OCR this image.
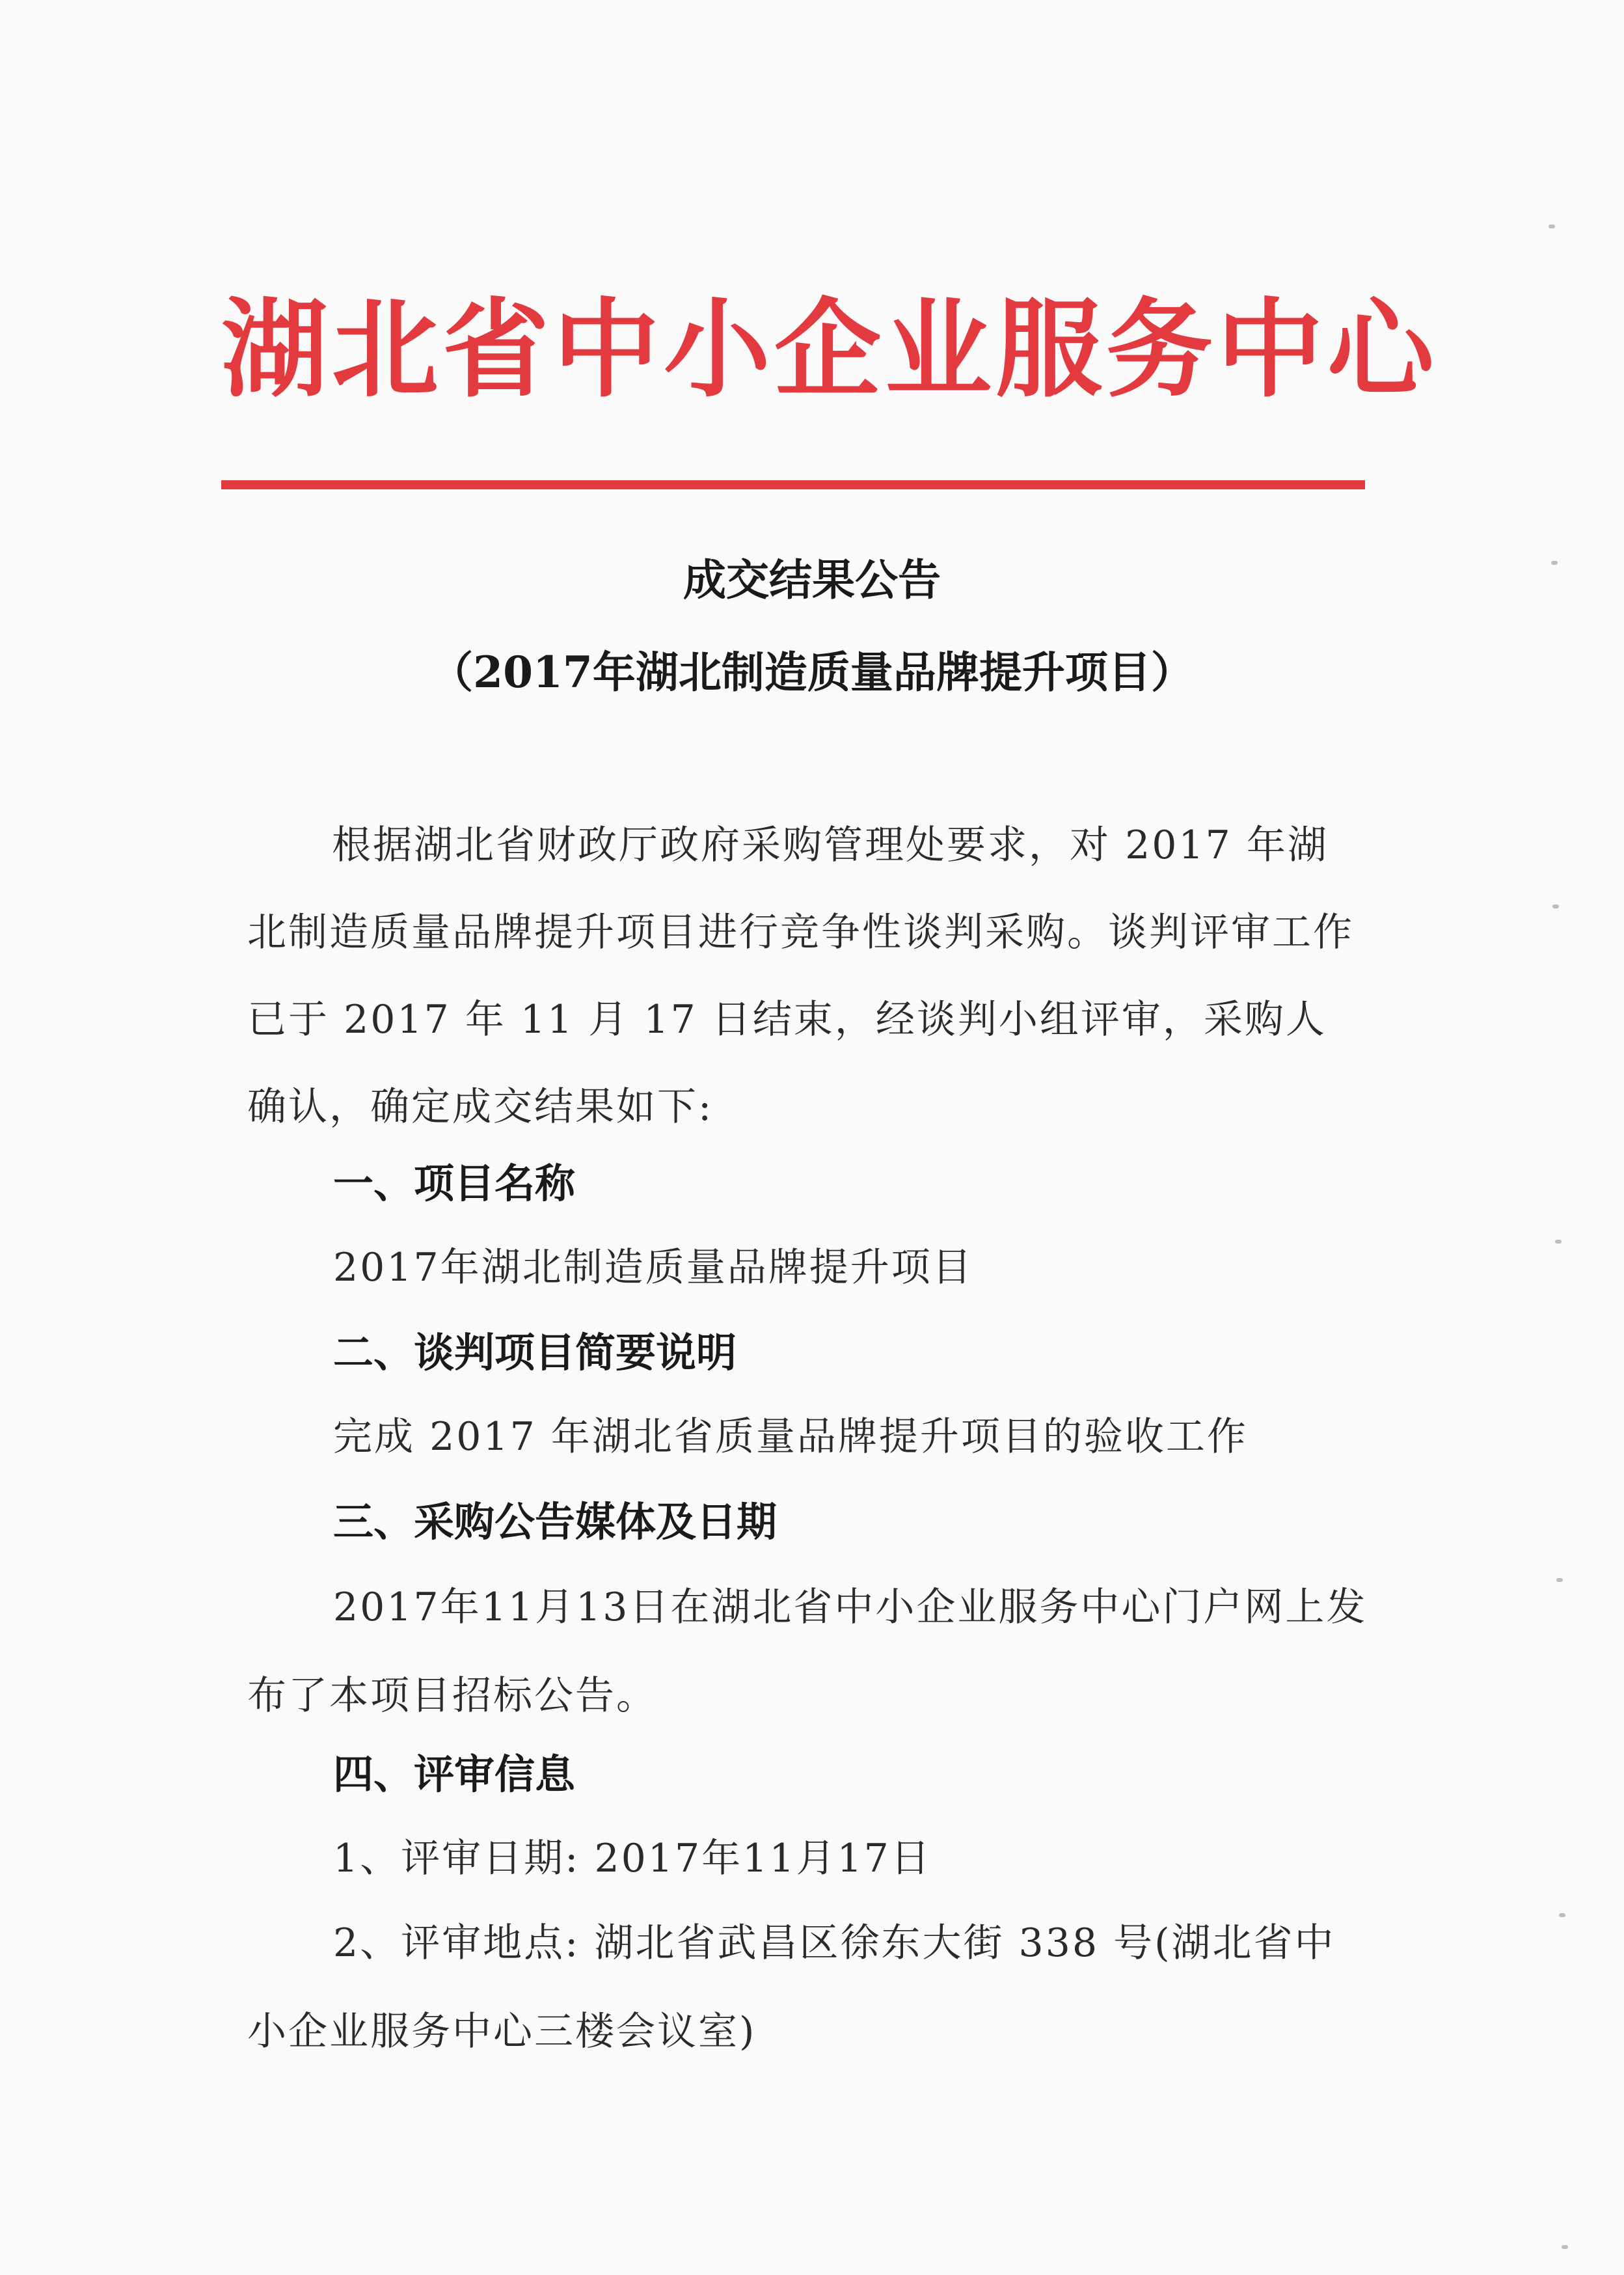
湖北省中小企业服务中心
成交结果公告
（2017年湖北制造质量品牌提升项目）
根据湖北省财政厅政府采购管理处要求，对 2017 年湖北制造质量品牌提升项目进行竞争性谈判采购。谈判评审工作已于 2017 年 11 月 17 日结束，经谈判小组评审，采购人确认，确定成交结果如下:
一、项目名称
2017年湖北制造质量品牌提升项目
二、谈判项目简要说明
完成 2017 年湖北省质量品牌提升项目的验收工作
三、采购公告媒体及日期
2017年11月13日在湖北省中小企业服务中心门户网上发布了本项目招标公告。
四、评审信息
1、评审日期: 2017年11月17日
2、评审地点: 湖北省武昌区徐东大街 338 号(湖北省中小企业服务中心三楼会议室)
